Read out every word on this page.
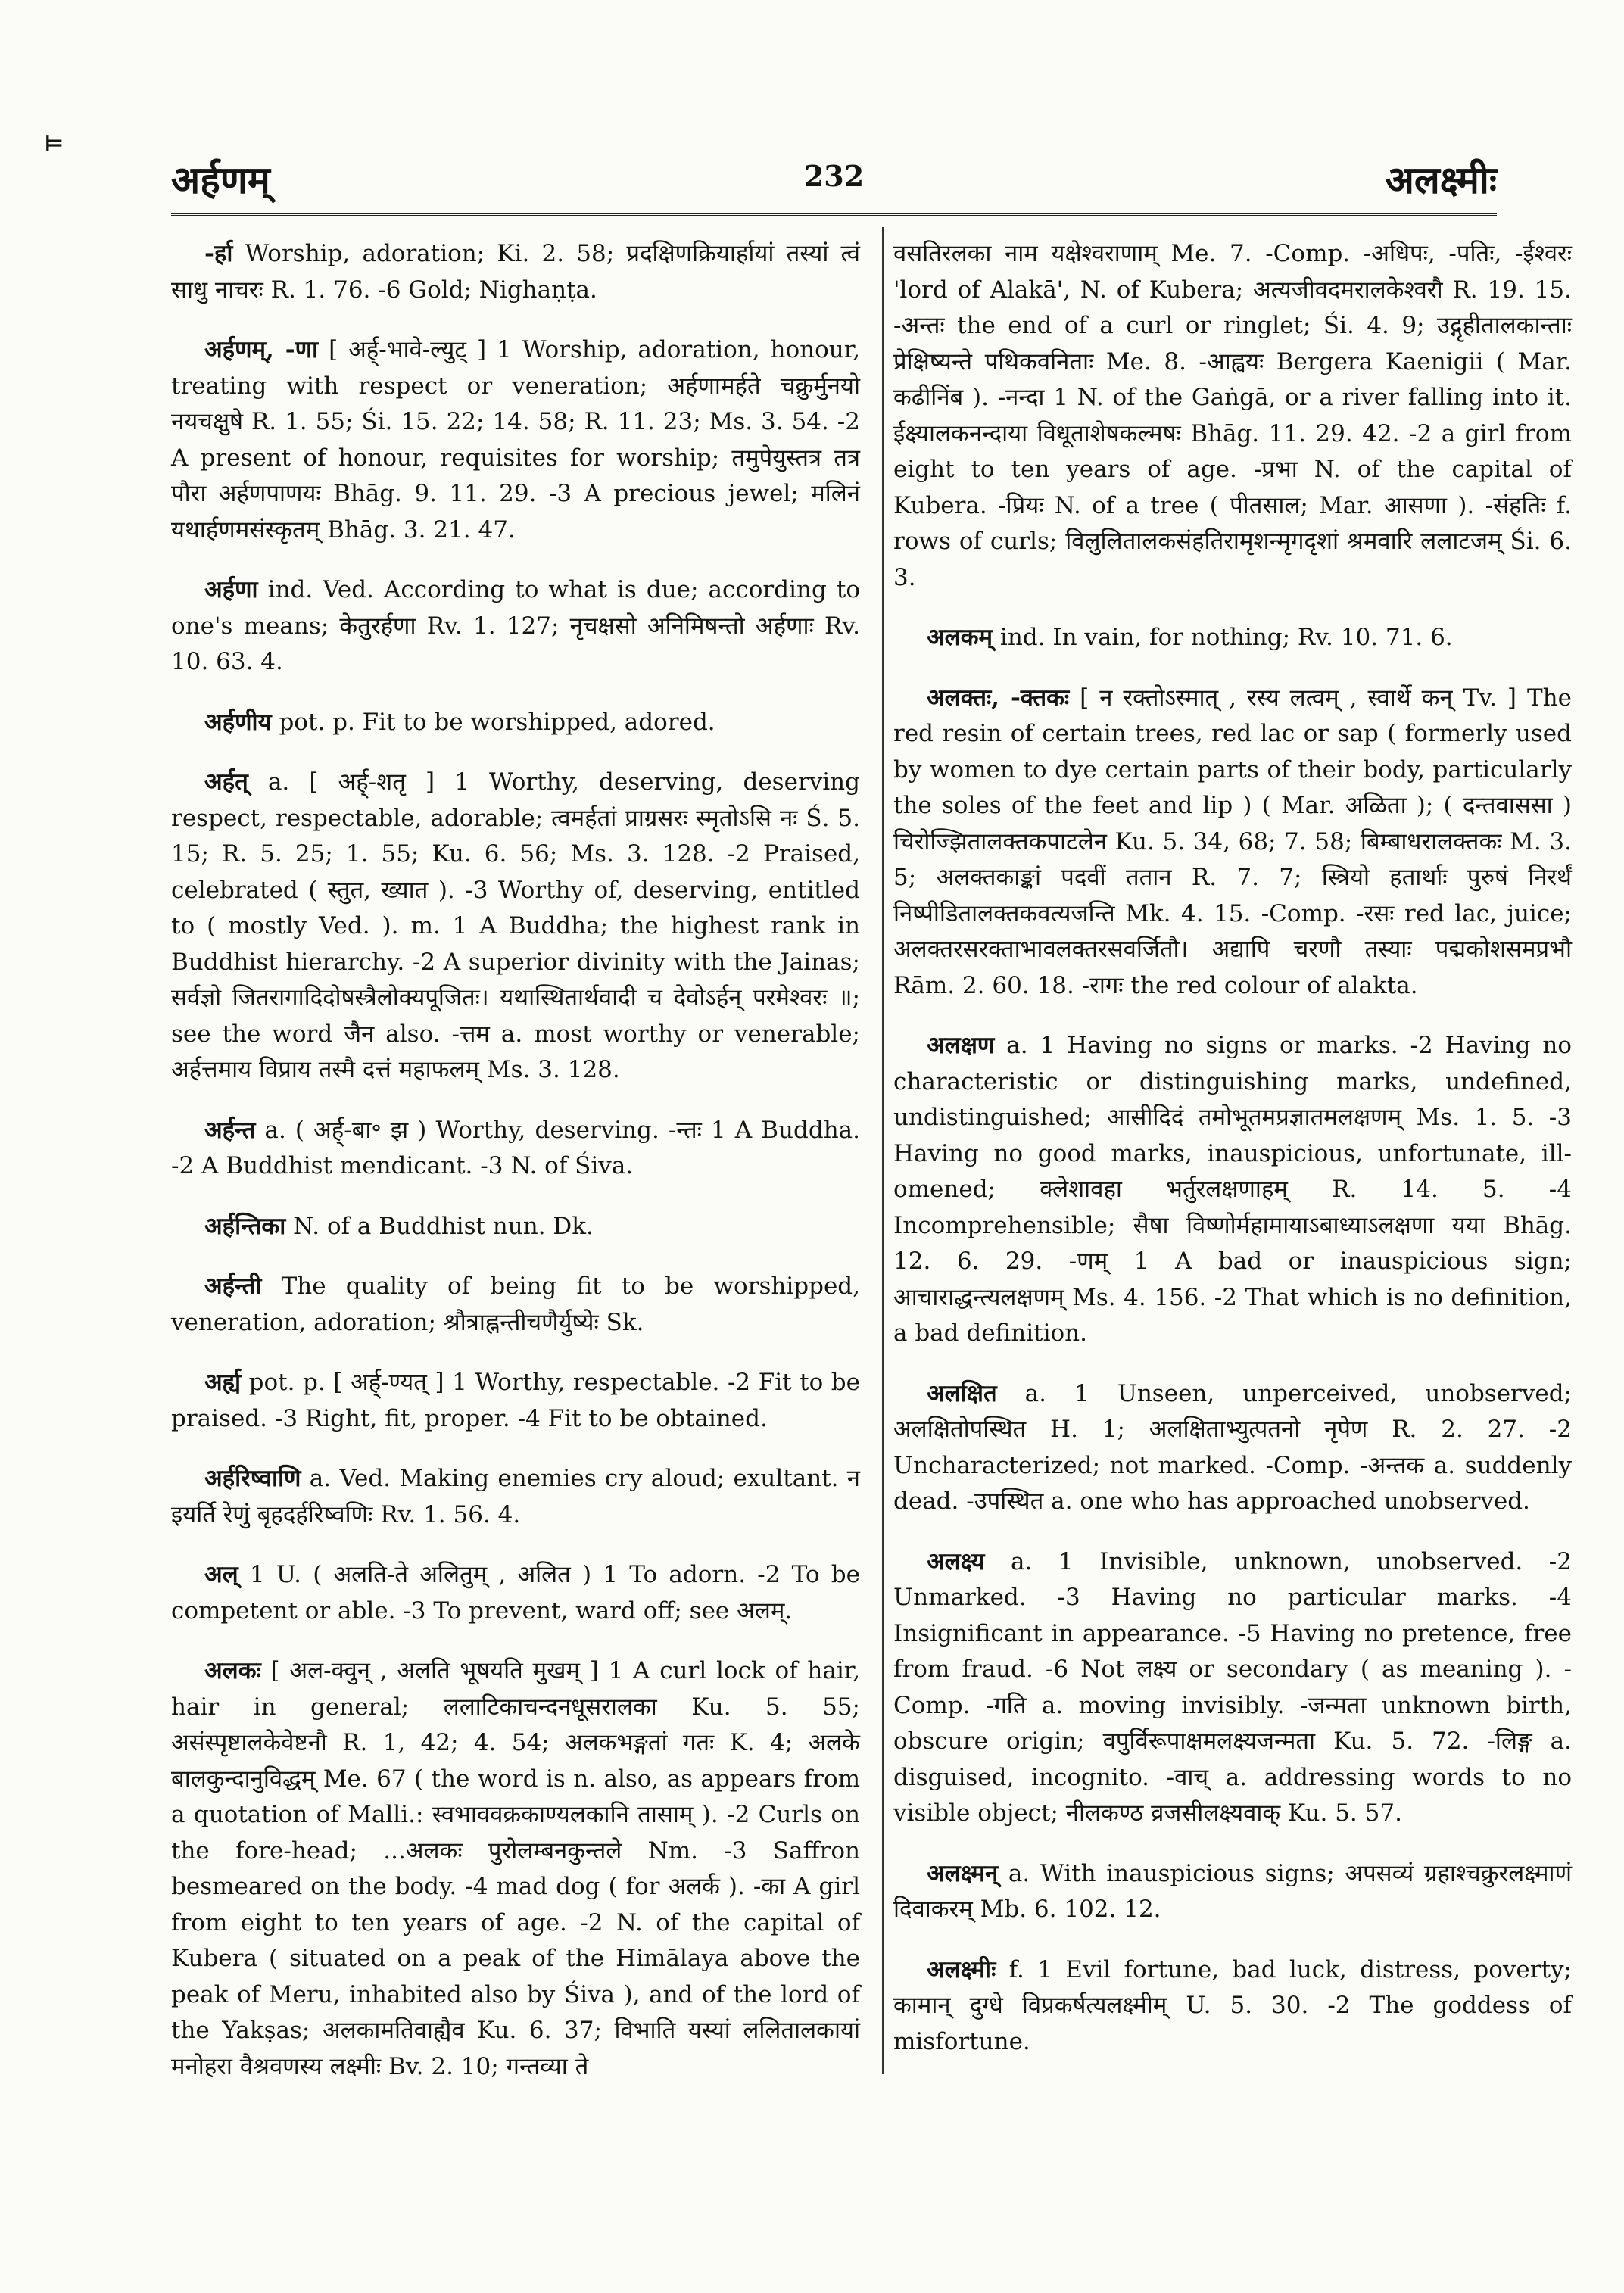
⊨
अर्हणम्	232	अलक्ष्मीः

-र्हा Worship, adoration; Ki. 2. 58; प्रदक्षिणक्रियार्हायां तस्यां त्वं साधु नाचरः R. 1. 76. -6 Gold; Nighaṇṭa.

अर्हणम्, -णा [ अर्ह्-भावे-ल्युट् ] 1 Worship, adoration, honour, treating with respect or veneration; अर्हणामर्हते चक्रुर्मुनयो नयचक्षुषे R. 1. 55; Śi. 15. 22; 14. 58; R. 11. 23; Ms. 3. 54. -2 A present of honour, requisites for worship; तमुपेयुस्तत्र तत्र पौरा अर्हणपाणयः Bhāg. 9. 11. 29. -3 A precious jewel; मलिनं यथार्हणमसंस्कृतम् Bhāg. 3. 21. 47.

अर्हणा ind. Ved. According to what is due; according to one's means; केतुरर्हणा Rv. 1. 127; नृचक्षसो अनिमिषन्तो अर्हणाः Rv. 10. 63. 4.

अर्हणीय pot. p. Fit to be worshipped, adored.

अर्हत् a. [ अर्ह्-शतृ ] 1 Worthy, deserving, deserving respect, respectable, adorable; त्वमर्हतां प्राग्रसरः स्मृतोऽसि नः Ś. 5. 15; R. 5. 25; 1. 55; Ku. 6. 56; Ms. 3. 128. -2 Praised, celebrated ( स्तुत, ख्यात ). -3 Worthy of, deserving, entitled to ( mostly Ved. ). m. 1 A Buddha; the highest rank in Buddhist hierarchy. -2 A superior divinity with the Jainas; सर्वज्ञो जितरागादिदोषस्त्रैलोक्यपूजितः। यथास्थितार्थवादी च देवोऽर्हन् परमेश्वरः ॥; see the word जैन also. -त्तम a. most worthy or venerable; अर्हत्तमाय विप्राय तस्मै दत्तं महाफलम् Ms. 3. 128.

अर्हन्त a. ( अर्ह्-बा॰ झ ) Worthy, deserving. -न्तः 1 A Buddha. -2 A Buddhist mendicant. -3 N. of Śiva.

अर्हन्तिका N. of a Buddhist nun. Dk.

अर्हन्ती The quality of being fit to be worshipped, veneration, adoration; श्रौत्राह्नन्तीचणैर्युष्येः Sk.

अर्ह्य pot. p. [ अर्ह्-ण्यत् ] 1 Worthy, respectable. -2 Fit to be praised. -3 Right, fit, proper. -4 Fit to be obtained.

अर्हरिष्वाणि a. Ved. Making enemies cry aloud; exultant. न इयर्ति रेणुं बृहदर्हरिष्वणिः Rv. 1. 56. 4.

अल् 1 U. ( अलति-ते अलितुम् , अलित ) 1 To adorn. -2 To be competent or able. -3 To prevent, ward off; see अलम्.

अलकः [ अल-क्वुन् , अलति भूषयति मुखम् ] 1 A curl lock of hair, hair in general; ललाटिकाचन्दनधूसरालका Ku. 5. 55; असंस्पृष्टालकेवेष्टनौ R. 1, 42; 4. 54; अलकभङ्गतां गतः K. 4; अलके बालकुन्दानुविद्धम् Me. 67 ( the word is n. also, as appears from a quotation of Malli.: स्वभाववक्रकाण्यलकानि तासाम् ). -2 Curls on the fore-head; ...अलकः पुरोलम्बनकुन्तले Nm. -3 Saffron besmeared on the body. -4 mad dog ( for अलर्क ). -का A girl from eight to ten years of age. -2 N. of the capital of Kubera ( situated on a peak of the Himālaya above the peak of Meru, inhabited also by Śiva ), and of the lord of the Yakṣas; अलकामतिवाह्यैव Ku. 6. 37; विभाति यस्यां ललितालकायां मनोहरा वैश्रवणस्य लक्ष्मीः Bv. 2. 10; गन्तव्या ते

वसतिरलका नाम यक्षेश्वराणाम् Me. 7. -Comp. -अधिपः, -पतिः, -ईश्वरः 'lord of Alakā', N. of Kubera; अत्यजीवदमरालकेश्वरौ R. 19. 15. -अन्तः the end of a curl or ringlet; Śi. 4. 9; उद्गृहीतालकान्ताः प्रेक्षिष्यन्ते पथिकवनिताः Me. 8. -आह्वयः Bergera Kaenigii ( Mar. कढीनिंब ). -नन्दा 1 N. of the Gaṅgā, or a river falling into it. ईक्ष्यालकनन्दाया विधूताशेषकल्मषः Bhāg. 11. 29. 42. -2 a girl from eight to ten years of age. -प्रभा N. of the capital of Kubera. -प्रियः N. of a tree ( पीतसाल; Mar. आसणा ). -संहतिः f. rows of curls; विलुलितालकसंहतिरामृशन्मृगदृशां श्रमवारि ललाटजम् Śi. 6. 3.

अलकम् ind. In vain, for nothing; Rv. 10. 71. 6.

अलक्तः, -क्तकः [ न रक्तोऽस्मात् , रस्य लत्वम् , स्वार्थे कन् Tv. ] The red resin of certain trees, red lac or sap ( formerly used by women to dye certain parts of their body, particularly the soles of the feet and lip ) ( Mar. अळिता ); ( दन्तवाससा ) चिरोज्झितालक्तकपाटलेन Ku. 5. 34, 68; 7. 58; बिम्बाधरालक्तकः M. 3. 5; अलक्तकाङ्कां पदवीं ततान R. 7. 7; स्त्रियो हतार्थाः पुरुषं निरर्थं निष्पीडितालक्तकवत्यजन्ति Mk. 4. 15. -Comp. -रसः red lac, juice; अलक्तरसरक्ताभावलक्तरसवर्जितौ। अद्यापि चरणौ तस्याः पद्मकोशसमप्रभौ Rām. 2. 60. 18. -रागः the red colour of alakta.

अलक्षण a. 1 Having no signs or marks. -2 Having no characteristic or distinguishing marks, undefined, undistinguished; आसीदिदं तमोभूतमप्रज्ञातमलक्षणम् Ms. 1. 5. -3 Having no good marks, inauspicious, unfortunate, ill-omened; क्लेशावहा भर्तुरलक्षणाहम् R. 14. 5. -4 Incomprehensible; सैषा विष्णोर्महामायाऽबाध्याऽलक्षणा यया Bhāg. 12. 6. 29. -णम् 1 A bad or inauspicious sign; आचाराद्धन्त्यलक्षणम् Ms. 4. 156. -2 That which is no definition, a bad definition.

अलक्षित a. 1 Unseen, unperceived, unobserved; अलक्षितोपस्थित H. 1; अलक्षिताभ्युत्पतनो नृपेण R. 2. 27. -2 Uncharacterized; not marked. -Comp. -अन्तक a. suddenly dead. -उपस्थित a. one who has approached unobserved.

अलक्ष्य a. 1 Invisible, unknown, unobserved. -2 Unmarked. -3 Having no particular marks. -4 Insignificant in appearance. -5 Having no pretence, free from fraud. -6 Not लक्ष्य or secondary ( as meaning ). -Comp. -गति a. moving invisibly. -जन्मता unknown birth, obscure origin; वपुर्विरूपाक्षमलक्ष्यजन्मता Ku. 5. 72. -लिङ्ग a. disguised, incognito. -वाच् a. addressing words to no visible object; नीलकण्ठ व्रजसीलक्ष्यवाक् Ku. 5. 57.

अलक्ष्मन् a. With inauspicious signs; अपसव्यं ग्रहाश्चक्रुरलक्ष्माणं दिवाकरम् Mb. 6. 102. 12.

अलक्ष्मीः f. 1 Evil fortune, bad luck, distress, poverty; कामान् दुग्धे विप्रकर्षत्यलक्ष्मीम् U. 5. 30. -2 The goddess of misfortune.
